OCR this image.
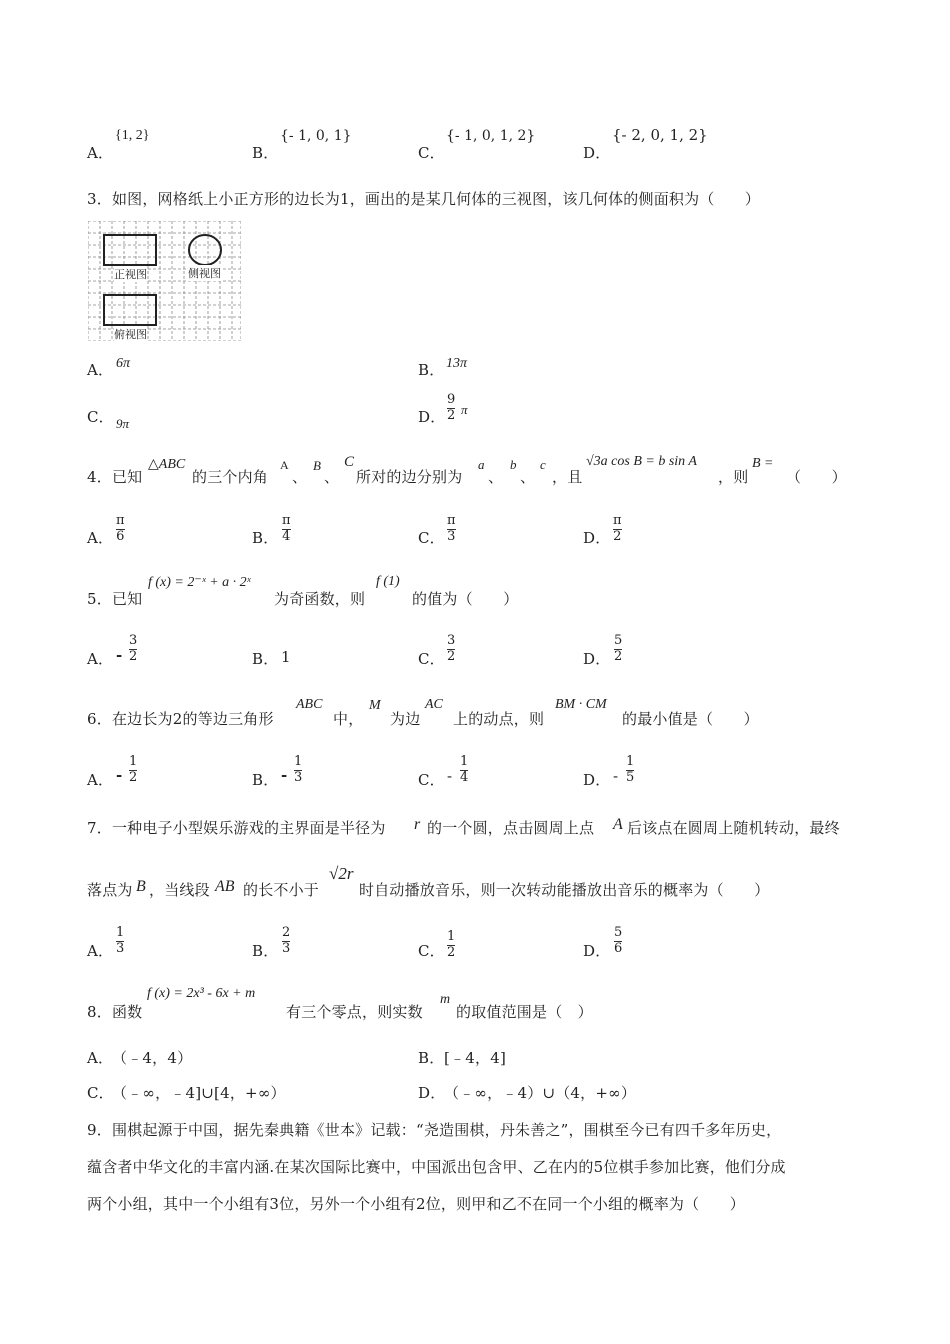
A．
{1, 2}
B．
{- 1, 0, 1}
C．
{- 1, 0, 1, 2}
D．
{- 2, 0, 1, 2}
3．如图，网格纸上小正方形的边长为1，画出的是某几何体的三视图，该几何体的侧面积为（　　）
正视图	侧视图
俯视图
A． 6π	B． 13π
C． 9π	D．
9
2 π
4．已知
△ABC
的三个内角
A
、
B
、
C
所对的边分别为
a
、
b
、
c
，且
√3a cos B = b sin A
，则
B =
（　　）
A．
π
6	B．
π
4	C．
π
3	D．
π
2
5．已知
f (x) = 2⁻ˣ + a · 2ˣ
为奇函数，则
f (1)
的值为（　　）
A． -
3
2	B． 1	C．
3
2	D．
5
2
6．在边长为2的等边三角形
ABC
中，
M
为边
AC
上的动点，则
BM · CM
的最小值是（　　）
A． -
1
2	B． -
1
3	C． -
1
4	D． -
1
5
7．一种电子小型娱乐游戏的主界面是半径为 r 的一个圆，点击圆周上点 A 后该点在圆周上随机转动，最终
落点为 B ，当线段 AB 的长不小于
√2r
时自动播放音乐，则一次转动能播放出音乐的概率为（　　）
A．
1
3	B．
2
3	C．
1
2	D．
5
6
8．函数
f (x) = 2x³ - 6x + m
有三个零点，则实数
m
的取值范围是（　）
A．
（﹣4，4）	B． [﹣4，4]
C．
（﹣∞，﹣4]∪[4，+∞）	D．
（﹣∞，﹣4）∪（4，+∞）
9．围棋起源于中国，据先秦典籍《世本》记载：“尧造围棋，丹朱善之”，围棋至今已有四千多年历史，
蕴含者中华文化的丰富内涵.在某次国际比赛中，中国派出包含甲、乙在内的5位棋手参加比赛，他们分成
两个小组，其中一个小组有3位，另外一个小组有2位，则甲和乙不在同一个小组的概率为（　　）
